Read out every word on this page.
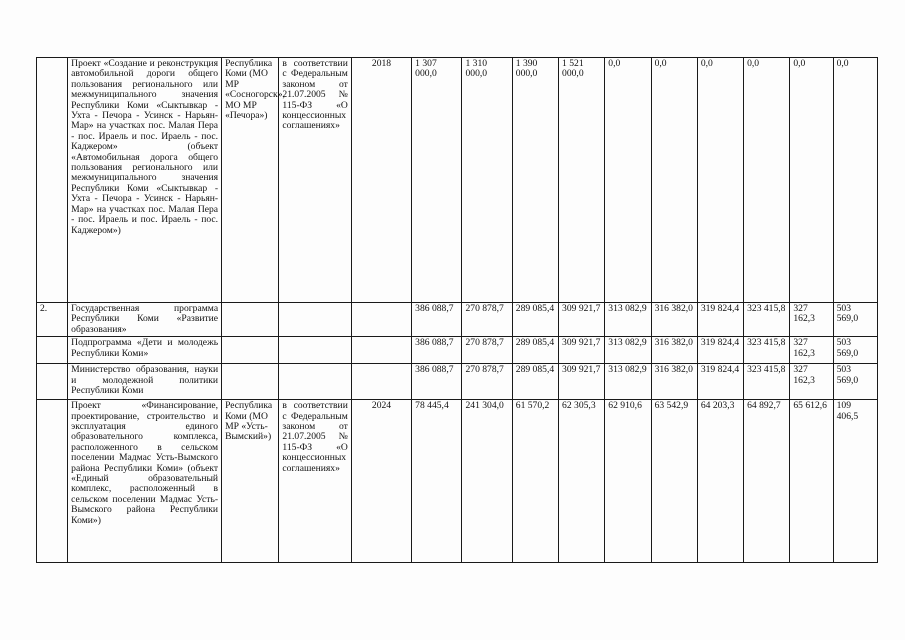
	Проект «Создание и реконструкция автомобильной дороги общего пользования регионального или межмуниципального значения Республики Коми «Сыктывкар - Ухта - Печора - Усинск - Нарьян-Мар» на участках пос. Малая Пера - пос. Ираель и пос. Ираель - пос. Каджером» (объект «Автомобильная дорога общего пользования регионального или межмуниципального значения Республики Коми «Сыктывкар - Ухта - Печора - Усинск - Нарьян-Мар» на участках пос. Малая Пера - пос. Ираель и пос. Ираель - пос. Каджером»)	Республика Коми (МО МР «Сосногорск», МО МР «Печора»)	в соответствии с Федеральным законом от 21.07.2005 № 115-ФЗ «О концессионных соглашениях»	2018	1 307 000,0	1 310 000,0	1 390 000,0	1 521 000,0	0,0	0,0	0,0	0,0	0,0	0,0
2.	Государственная программа Республики Коми «Развитие образования»				386 088,7	270 878,7	289 085,4	309 921,7	313 082,9	316 382,0	319 824,4	323 415,8	327 162,3	503 569,0
	Подпрограмма «Дети и молодежь Республики Коми»				386 088,7	270 878,7	289 085,4	309 921,7	313 082,9	316 382,0	319 824,4	323 415,8	327 162,3	503 569,0
	Министерство образования, науки и молодежной политики Республики Коми				386 088,7	270 878,7	289 085,4	309 921,7	313 082,9	316 382,0	319 824,4	323 415,8	327 162,3	503 569,0
	Проект «Финансирование, проектирование, строительство и эксплуатация единого образовательного комплекса, расположенного в сельском поселении Мадмас Усть-Вымского района Республики Коми» (объект «Единый образовательный комплекс, расположенный в сельском поселении Мадмас Усть-Вымского района Республики Коми»)	Республика Коми (МО МР «Усть-Вымский»)	в соответствии с Федеральным законом от 21.07.2005 № 115-ФЗ «О концессионных соглашениях»	2024	78 445,4	241 304,0	61 570,2	62 305,3	62 910,6	63 542,9	64 203,3	64 892,7	65 612,6	109 406,5
